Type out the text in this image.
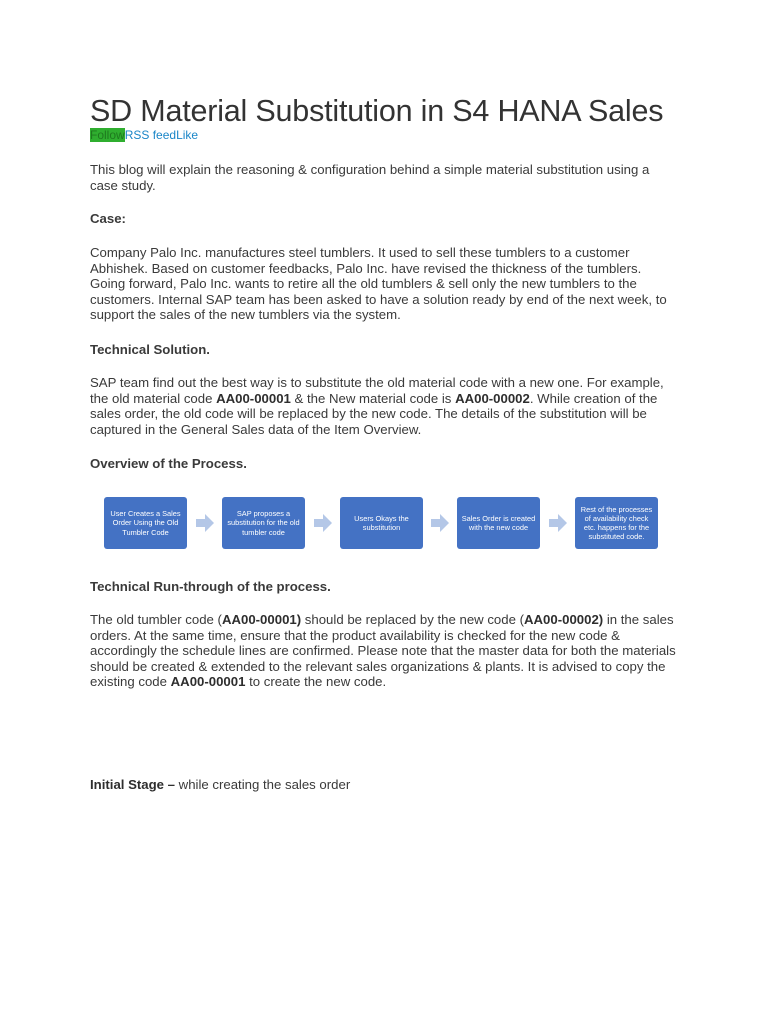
SD Material Substitution in S4 HANA Sales
FollowRSS feedLike

This blog will explain the reasoning & configuration behind a simple material substitution using a case study.

Case:

Company Palo Inc. manufactures steel tumblers. It used to sell these tumblers to a customer Abhishek. Based on customer feedbacks, Palo Inc. have revised the thickness of the tumblers. Going forward, Palo Inc. wants to retire all the old tumblers & sell only the new tumblers to the customers. Internal SAP team has been asked to have a solution ready by end of the next week, to support the sales of the new tumblers via the system.

Technical Solution.

SAP team find out the best way is to substitute the old material code with a new one. For example, the old material code AA00-00001 & the New material code is AA00-00002. While creation of the sales order, the old code will be replaced by the new code. The details of the substitution will be captured in the General Sales data of the Item Overview.

Overview of the Process.

User Creates a Sales Order Using the Old Tumbler Code
SAP proposes a substitution for the old tumbler code
Users Okays the substitution
Sales Order is created with the new code
Rest of the processes of availability check etc. happens for the substituted code.

Technical Run-through of the process.

The old tumbler code (AA00-00001) should be replaced by the new code (AA00-00002) in the sales orders. At the same time, ensure that the product availability is checked for the new code & accordingly the schedule lines are confirmed. Please note that the master data for both the materials should be created & extended to the relevant sales organizations & plants. It is advised to copy the existing code AA00-00001 to create the new code.

Initial Stage – while creating the sales order
